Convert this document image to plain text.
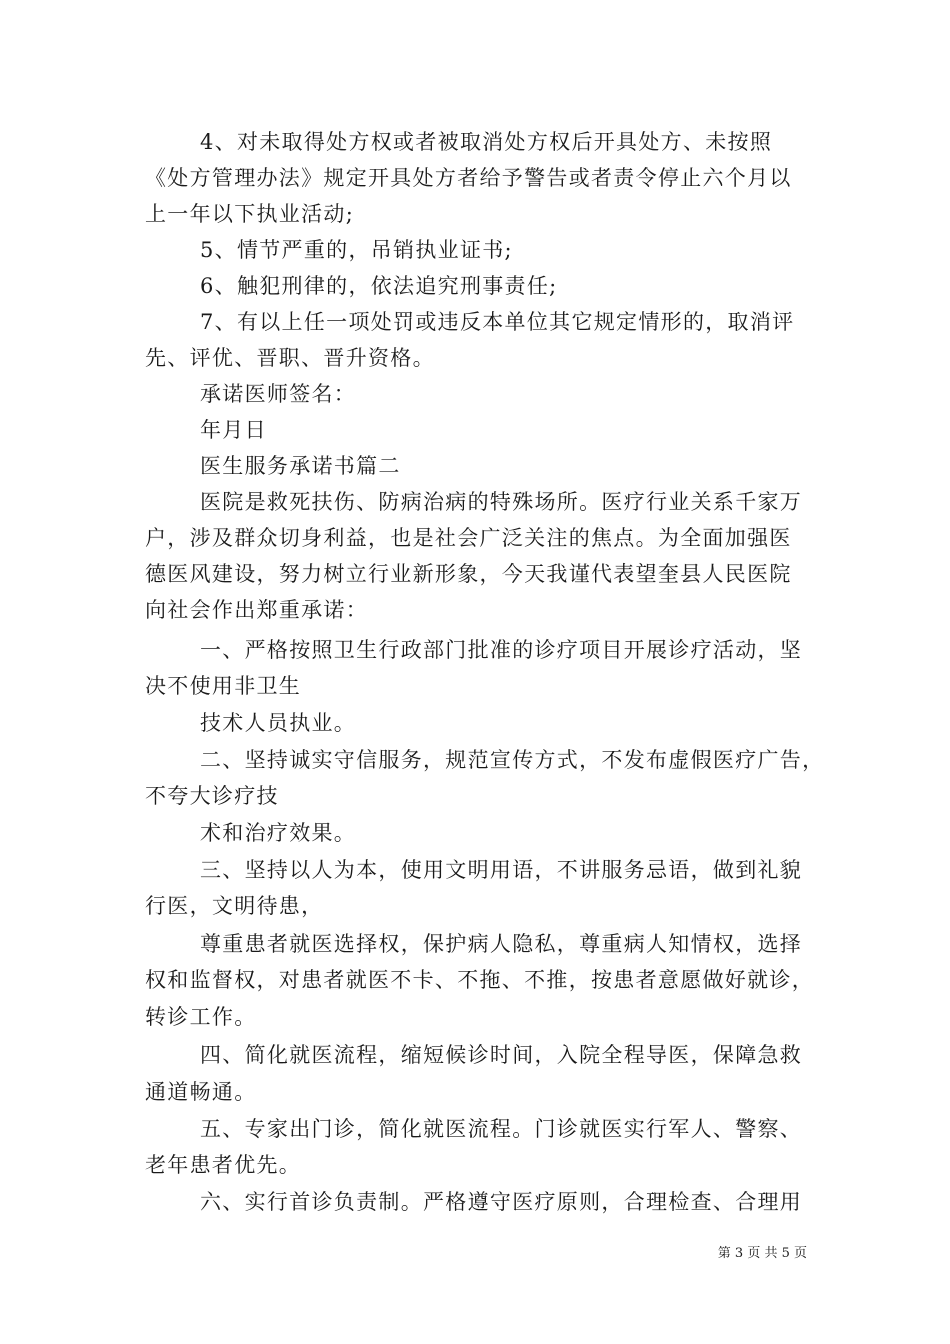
4、对未取得处方权或者被取消处方权后开具处方、未按照
《处方管理办法》规定开具处方者给予警告或者责令停止六个月以
上一年以下执业活动;
5、情节严重的，吊销执业证书;
6、触犯刑律的，依法追究刑事责任;
7、有以上任一项处罚或违反本单位其它规定情形的，取消评
先、评优、晋职、晋升资格。
承诺医师签名：
年月日
医生服务承诺书篇二
医院是救死扶伤、防病治病的特殊场所。医疗行业关系千家万
户，涉及群众切身利益，也是社会广泛关注的焦点。为全面加强医
德医风建设，努力树立行业新形象，今天我谨代表望奎县人民医院
向社会作出郑重承诺：
一、严格按照卫生行政部门批准的诊疗项目开展诊疗活动，坚
决不使用非卫生
技术人员执业。
二、坚持诚实守信服务，规范宣传方式，不发布虚假医疗广告，
不夸大诊疗技
术和治疗效果。
三、坚持以人为本，使用文明用语，不讲服务忌语，做到礼貌
行医，文明待患，
尊重患者就医选择权，保护病人隐私，尊重病人知情权，选择
权和监督权，对患者就医不卡、不拖、不推，按患者意愿做好就诊，
转诊工作。
四、简化就医流程，缩短候诊时间，入院全程导医，保障急救
通道畅通。
五、专家出门诊，简化就医流程。门诊就医实行军人、警察、
老年患者优先。
六、实行首诊负责制。严格遵守医疗原则，合理检查、合理用
第 3 页 共 5 页
